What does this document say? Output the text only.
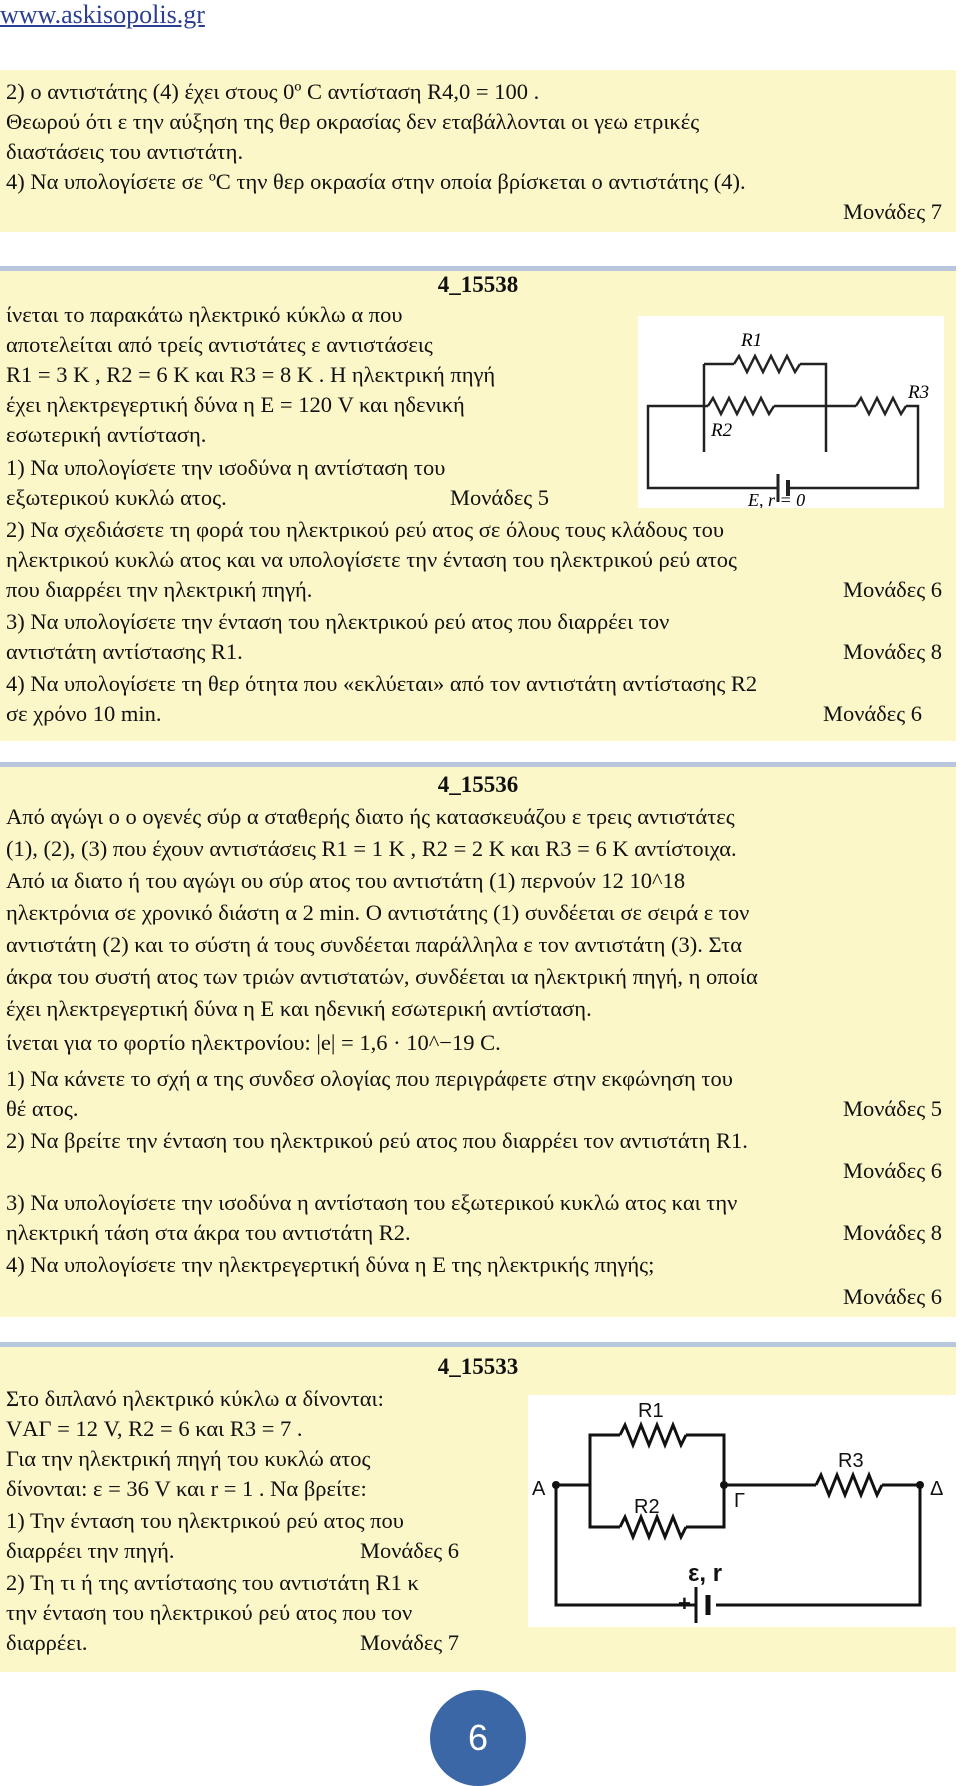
www.askisopolis.gr
2) ο αντιστάτης (4) έχει στους 0º C αντίσταση R4,0 = 100 .
Θεωρού ότι ε την αύξηση της θερ οκρασίας δεν εταβάλλονται οι γεω ετρικές
διαστάσεις του αντιστάτη.
4) Να υπολογίσετε σε ºC την θερ οκρασία στην οποία βρίσκεται ο αντιστάτης (4).
Μονάδες 7
4_15538
ίνεται το παρακάτω ηλεκτρικό κύκλω α που
αποτελείται από τρείς αντιστάτες ε αντιστάσεις
R1 = 3 K , R2 = 6 K και R3 = 8 K . Η ηλεκτρική πηγή
έχει ηλεκτρεγερτική δύνα η Ε = 120 V και ηδενική
εσωτερική αντίσταση.
1) Να υπολογίσετε την ισοδύνα η αντίσταση του
εξωτερικού κυκλώ ατος.	Μονάδες 5
2) Να σχεδιάσετε τη φορά του ηλεκτρικού ρεύ ατος σε όλους τους κλάδους του
ηλεκτρικού κυκλώ ατος και να υπολογίσετε την ένταση του ηλεκτρικού ρεύ ατος
που διαρρέει την ηλεκτρική πηγή.	Μονάδες 6
3) Να υπολογίσετε την ένταση του ηλεκτρικού ρεύ ατος που διαρρέει τον
αντιστάτη αντίστασης R1.	Μονάδες 8
4) Να υπολογίσετε τη θερ ότητα που «εκλύεται» από τον αντιστάτη αντίστασης R2
σε χρόνο 10 min.	Μονάδες 6
R1
R2
R3
E, r = 0
4_15536
Από αγώγι ο ο ογενές σύρ α σταθερής διατο ής κατασκευάζου ε τρεις αντιστάτες
(1), (2), (3) που έχουν αντιστάσεις R1 = 1 K , R2 = 2 K και R3 = 6 K αντίστοιχα.
Από ια διατο ή του αγώγι ου σύρ ατος του αντιστάτη (1) περνούν 12 10^18
ηλεκτρόνια σε χρονικό διάστη α 2 min. Ο αντιστάτης (1) συνδέεται σε σειρά ε τον
αντιστάτη (2) και το σύστη ά τους συνδέεται παράλληλα ε τον αντιστάτη (3). Στα
άκρα του συστή ατος των τριών αντιστατών, συνδέεται ια ηλεκτρική πηγή, η οποία
έχει ηλεκτρεγερτική δύνα η Ε και ηδενική εσωτερική αντίσταση.
ίνεται για το φορτίο ηλεκτρονίου: |e| = 1,6 · 10^−19 C.
1) Να κάνετε το σχή α της συνδεσ ολογίας που περιγράφετε στην εκφώνηση του
θέ ατος.	Μονάδες 5
2) Να βρείτε την ένταση του ηλεκτρικού ρεύ ατος που διαρρέει τον αντιστάτη R1.
Μονάδες 6
3) Να υπολογίσετε την ισοδύνα η αντίσταση του εξωτερικού κυκλώ ατος και την
ηλεκτρική τάση στα άκρα του αντιστάτη R2.	Μονάδες 8
4) Να υπολογίσετε την ηλεκτρεγερτική δύνα η Ε της ηλεκτρικής πηγής;
Μονάδες 6
4_15533
Στο διπλανό ηλεκτρικό κύκλω α δίνονται:
VΑΓ = 12 V, R2 = 6 και R3 = 7 .
Για την ηλεκτρική πηγή του κυκλώ ατος
δίνονται: ε = 36 V και r = 1 . Να βρείτε:
1) Την ένταση του ηλεκτρικού ρεύ ατος που
διαρρέει την πηγή.	Μονάδες 6
2) Τη τι ή της αντίστασης του αντιστάτη R1 κ
την ένταση του ηλεκτρικού ρεύ ατος που τον
διαρρέει.	Μονάδες 7
R1
R2
R3
A
Γ
Δ
ε, r
+ -
6
